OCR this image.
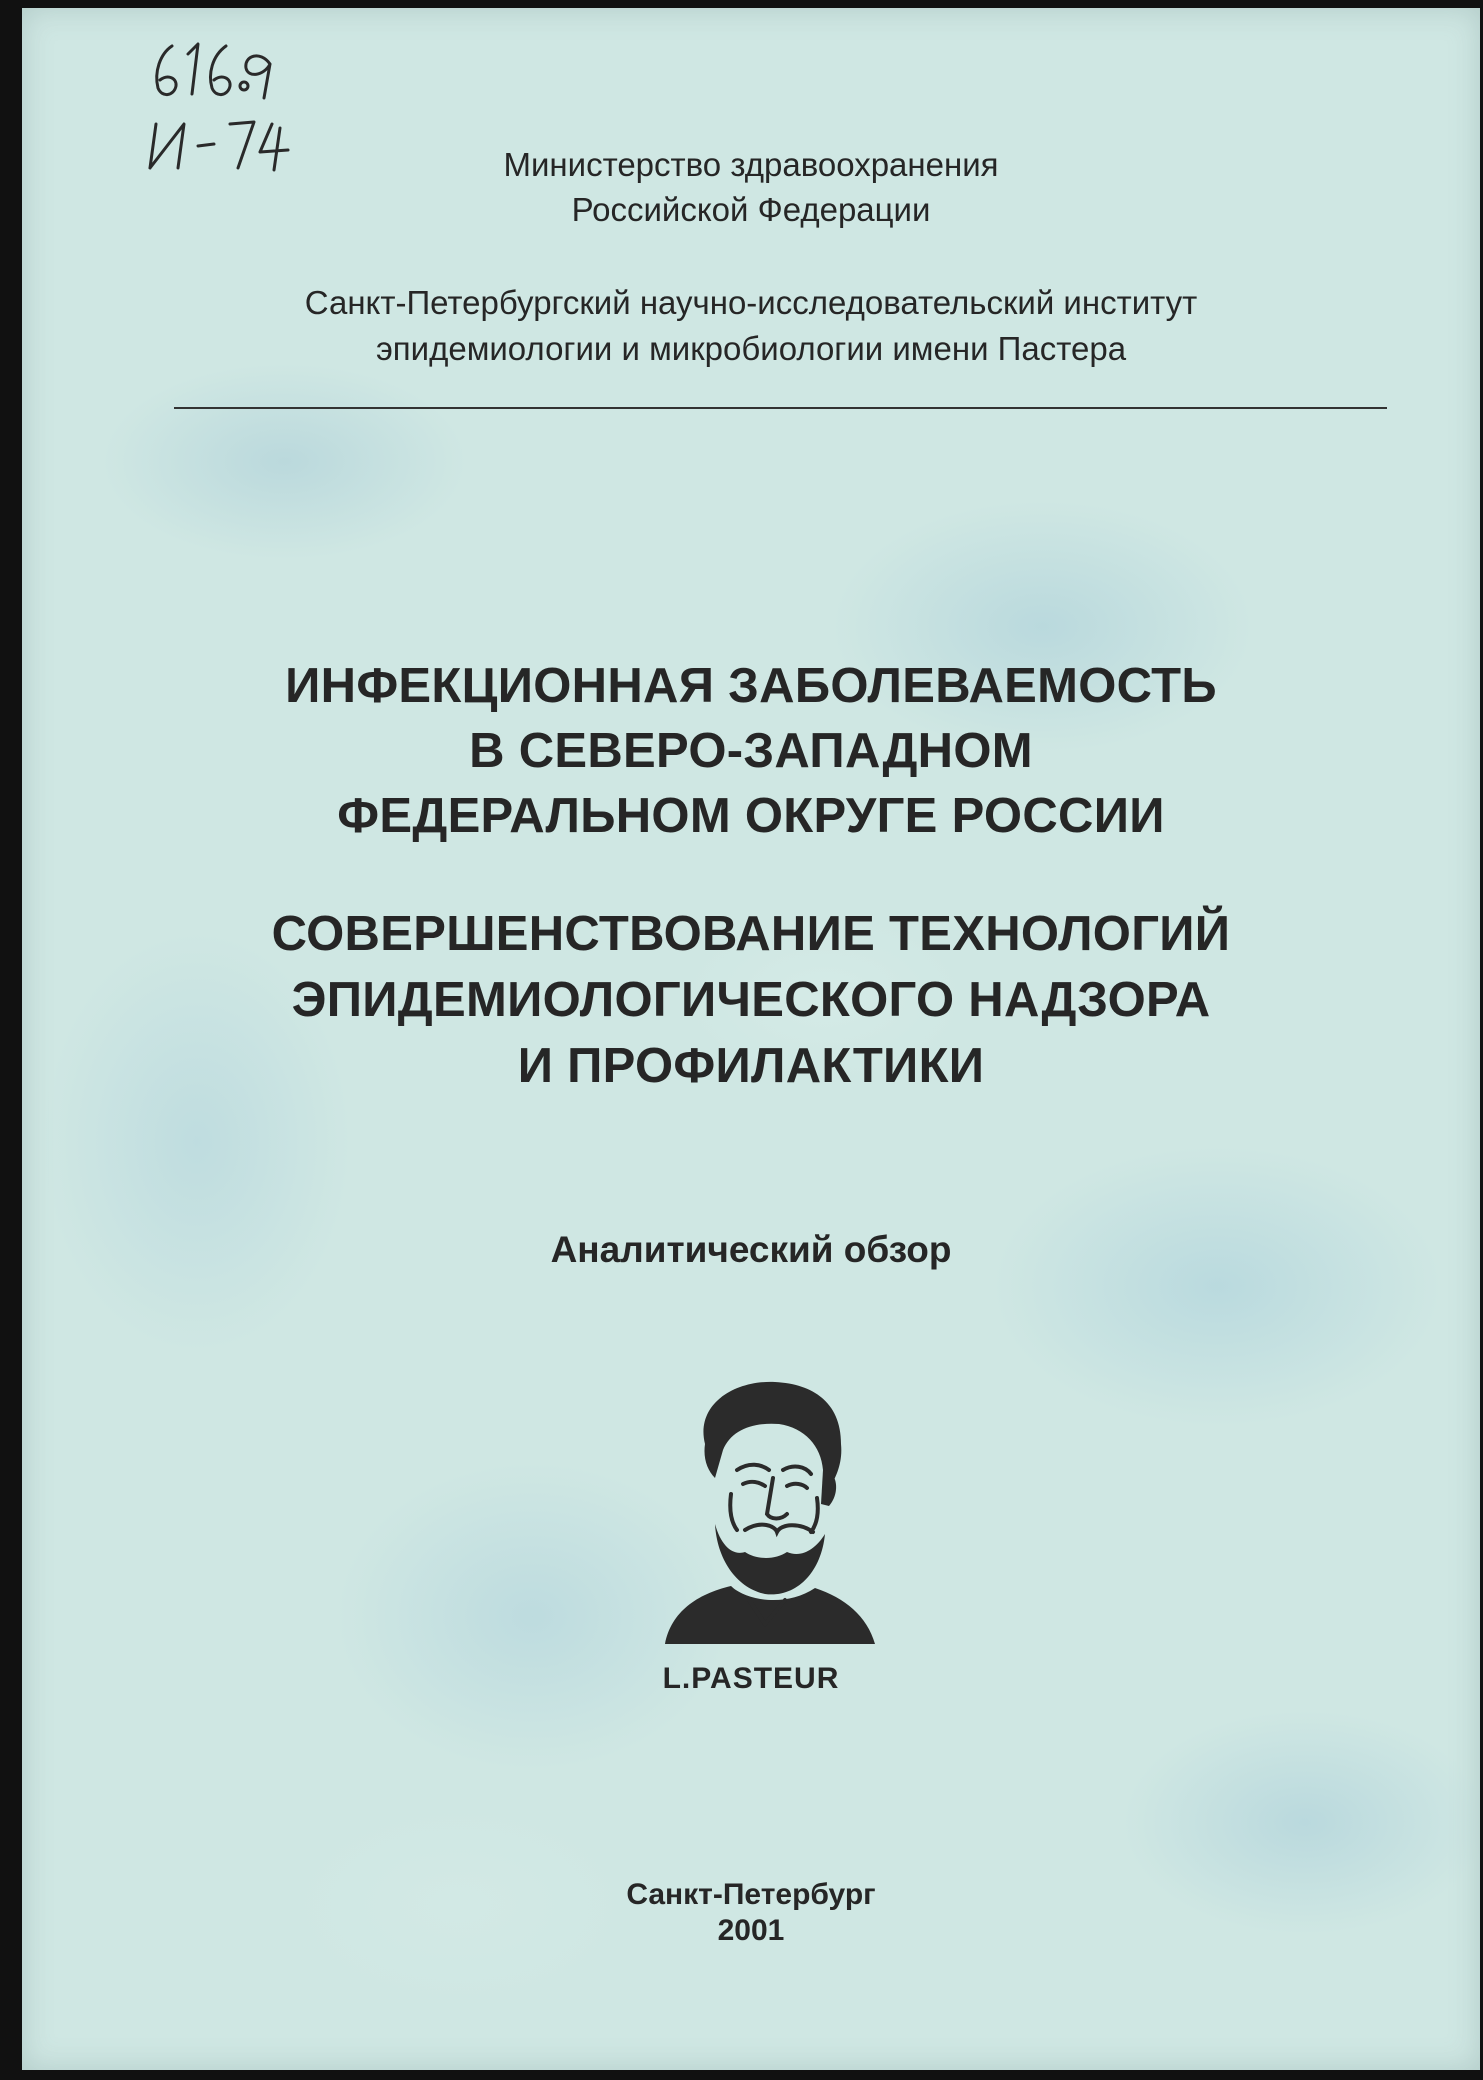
Министерство здравоохранения
Российской Федерации
Санкт-Петербургский научно-исследовательский институт
эпидемиологии и микробиологии имени Пастера
ИНФЕКЦИОННАЯ ЗАБОЛЕВАЕМОСТЬ
В СЕВЕРО-ЗАПАДНОМ
ФЕДЕРАЛЬНОМ ОКРУГЕ РОССИИ
СОВЕРШЕНСТВОВАНИЕ ТЕХНОЛОГИЙ
ЭПИДЕМИОЛОГИЧЕСКОГО НАДЗОРА
И ПРОФИЛАКТИКИ
Аналитический обзор
L.PASTEUR
Санкт-Петербург
2001
